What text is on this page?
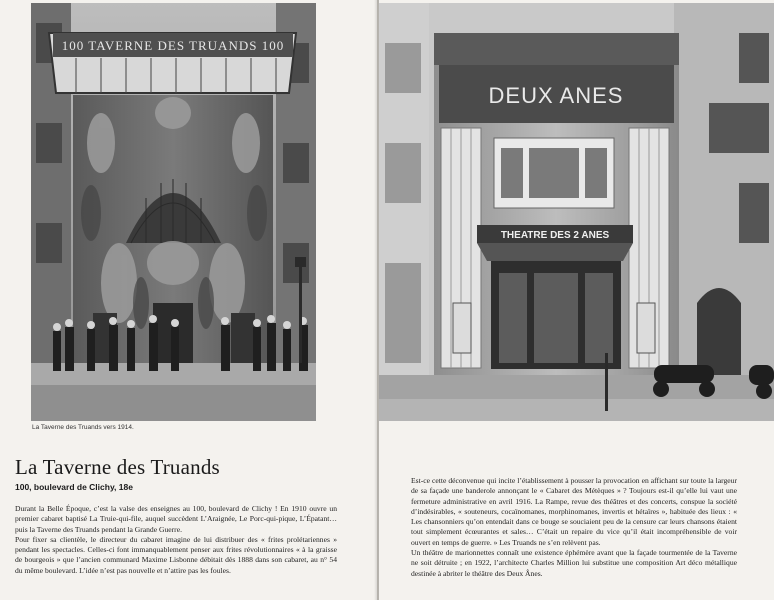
100 TAVERNE DES TRUANDS 100
La Taverne des Truands vers 1914.
La Taverne des Truands
100, boulevard de Clichy, 18e

Durant la Belle Époque, c’est la valse des enseignes au 100, boulevard de Clichy ! En 1910 ouvre un premier cabaret baptisé La Truie-qui-file, auquel succèdent L’Araignée, Le Porc-qui-pique, L’Épatant… puis la Taverne des Truands pendant la Grande Guerre.

Pour fixer sa clientèle, le directeur du cabaret imagine de lui distribuer des « frites prolétariennes » pendant les spectacles. Celles-ci font immanquablement penser aux frites révolutionnaires « à la graisse de bourgeois » que l’ancien communard Maxime Lisbonne débitait dès 1888 dans son cabaret, au n° 54 du même boulevard. L’idée n’est pas nouvelle et n’attire pas les foules.

DEUX ANES
THEATRE DES 2 ANES

Est-ce cette déconvenue qui incite l’établissement à pousser la provocation en affichant sur toute la largeur de sa façade une banderole annonçant le « Cabaret des Métèques » ? Toujours est-il qu’elle lui vaut une fermeture administrative en avril 1916. La Rampe, revue des théâtres et des concerts, conspue la société d’indésirables, « souteneurs, cocaïnomanes, morphinomanes, invertis et hétaïres », habituée des lieux : « Les chansonniers qu’on entendait dans ce bouge se souciaient peu de la censure car leurs chansons étaient tout simplement écœurantes et sales… C’était un repaire du vice qu’il était incompréhensible de voir ouvert en temps de guerre. » Les Truands ne s’en relèvent pas.

Un théâtre de marionnettes connaît une existence éphémère avant que la façade tourmentée de la Taverne ne soit détruite ; en 1922, l’architecte Charles Million lui substitue une composition Art déco métallique destinée à abriter le théâtre des Deux Ânes.
